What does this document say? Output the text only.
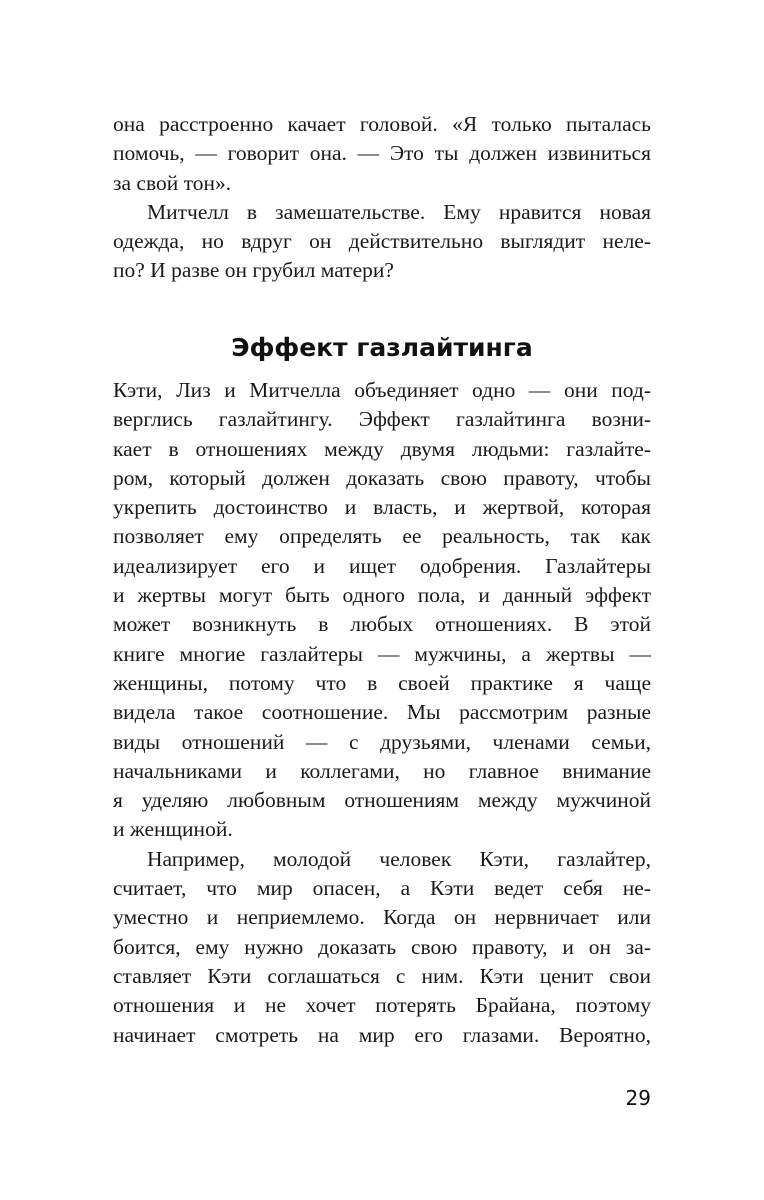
она расстроенно качает головой. «Я только пыталась
помочь, — говорит она. — Это ты должен извиниться
за свой тон».
Митчелл в замешательстве. Ему нравится новая
одежда, но вдруг он действительно выглядит неле-
по? И разве он грубил матери?
Эффект газлайтинга
Кэти, Лиз и Митчелла объединяет одно — они под-
верглись газлайтингу. Эффект газлайтинга возни-
кает в отношениях между двумя людьми: газлайте-
ром, который должен доказать свою правоту, чтобы
укрепить достоинство и власть, и жертвой, которая
позволяет ему определять ее реальность, так как
идеализирует его и ищет одобрения. Газлайтеры
и жертвы могут быть одного пола, и данный эффект
может возникнуть в любых отношениях. В этой
книге многие газлайтеры — мужчины, а жертвы —
женщины, потому что в своей практике я чаще
видела такое соотношение. Мы рассмотрим разные
виды отношений — с друзьями, членами семьи,
начальниками и коллегами, но главное внимание
я уделяю любовным отношениям между мужчиной
и женщиной.
Например, молодой человек Кэти, газлайтер,
считает, что мир опасен, а Кэти ведет себя не-
уместно и неприемлемо. Когда он нервничает или
боится, ему нужно доказать свою правоту, и он за-
ставляет Кэти соглашаться с ним. Кэти ценит свои
отношения и не хочет потерять Брайана, поэтому
начинает смотреть на мир его глазами. Вероятно,
29
